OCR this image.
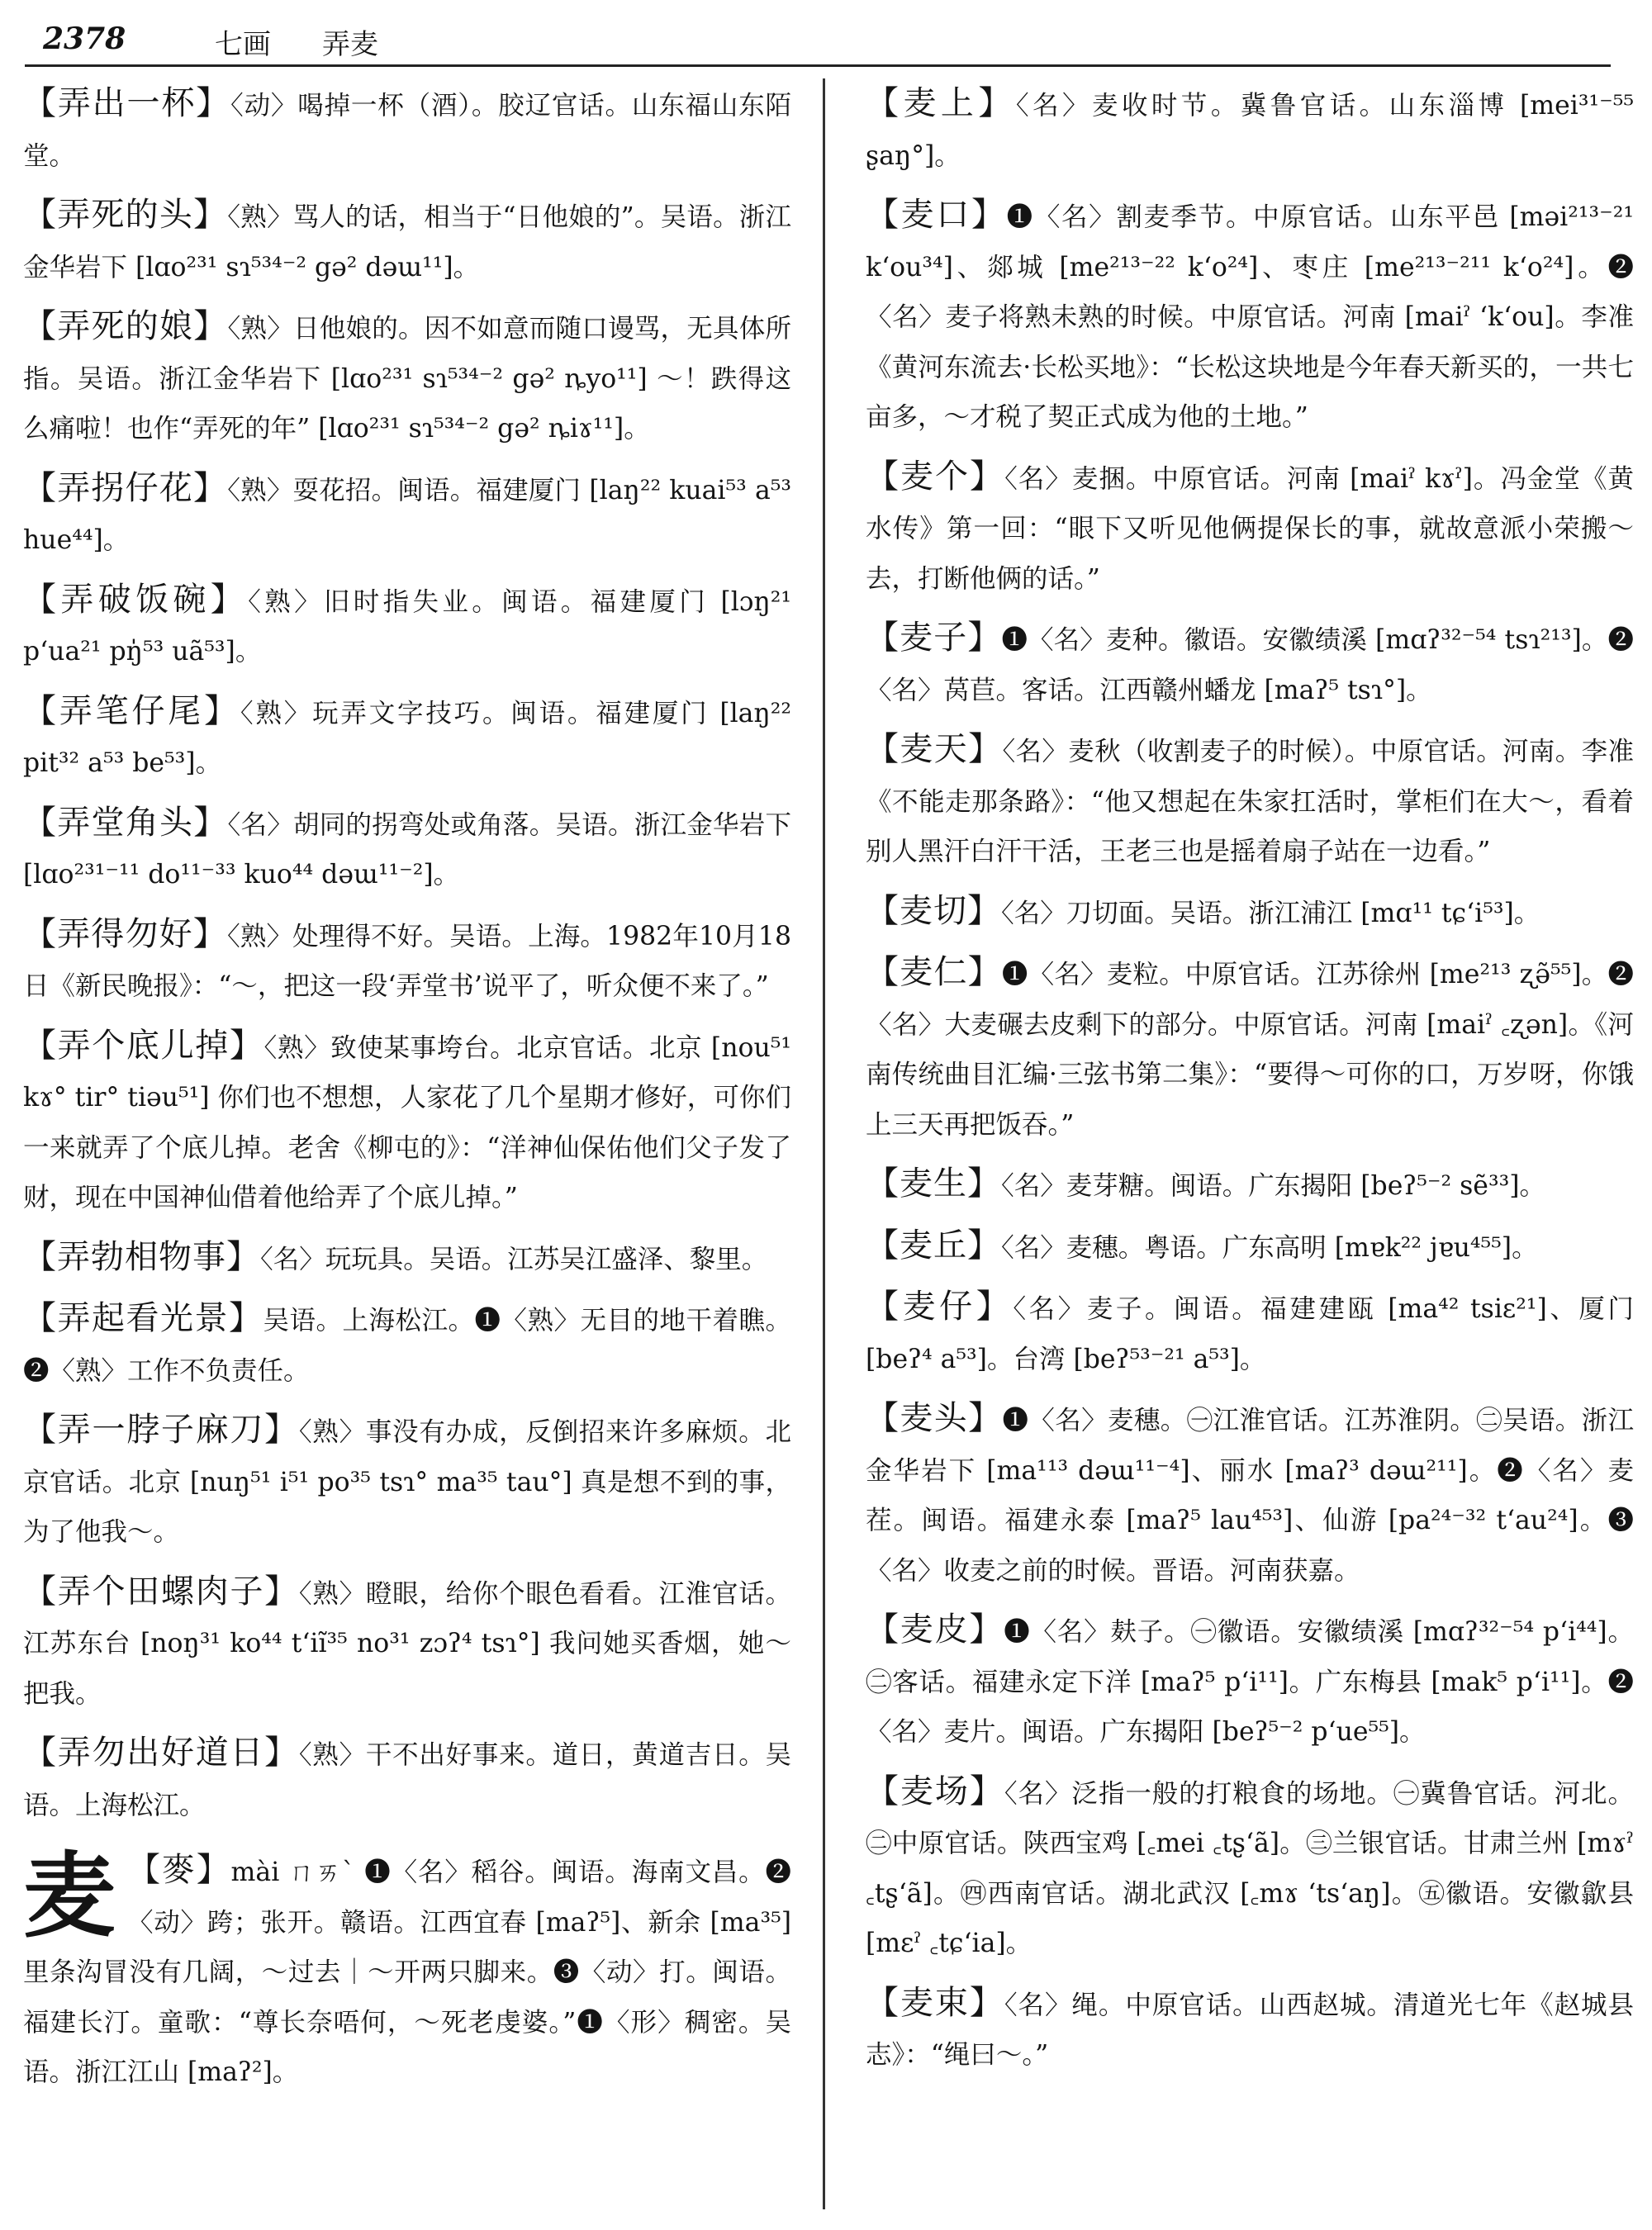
2378	七画 弄麦

【弄出一杯】〈动〉喝掉一杯（酒）。胶辽官话。山东福山东陌堂。

【弄死的头】〈熟〉骂人的话，相当于“日他娘的”。吴语。浙江金华岩下 [lɑo²³¹ sɿ⁵³⁴⁻² gə² dəɯ¹¹]。

【弄死的娘】〈熟〉日他娘的。因不如意而随口谩骂，无具体所指。吴语。浙江金华岩下 [lɑo²³¹ sɿ⁵³⁴⁻² gə² ȵyo¹¹] ～！跌得这么痛啦！也作“弄死的年” [lɑo²³¹ sɿ⁵³⁴⁻² gə² ȵiɤ¹¹]。

【弄拐仔花】〈熟〉耍花招。闽语。福建厦门 [laŋ²² kuai⁵³ a⁵³ hue⁴⁴]。

【弄破饭碗】〈熟〉旧时指失业。闽语。福建厦门 [lɔŋ²¹ pʻua²¹ pŋ̍⁵³ uã⁵³]。

【弄笔仔尾】〈熟〉玩弄文字技巧。闽语。福建厦门 [laŋ²² pit³² a⁵³ be⁵³]。

【弄堂角头】〈名〉胡同的拐弯处或角落。吴语。浙江金华岩下 [lɑo²³¹⁻¹¹ do¹¹⁻³³ kuo⁴⁴ dəɯ¹¹⁻²]。

【弄得勿好】〈熟〉处理得不好。吴语。上海。1982年10月18日《新民晚报》：“～，把这一段‘弄堂书’说平了，听众便不来了。”

【弄个底儿掉】〈熟〉致使某事垮台。北京官话。北京 [nou⁵¹ kɤ° tir° tiəu⁵¹] 你们也不想想，人家花了几个星期才修好，可你们一来就弄了个底儿掉。老舍《柳屯的》：“洋神仙保佑他们父子发了财，现在中国神仙借着他给弄了个底儿掉。”

【弄勃相物事】〈名〉玩玩具。吴语。江苏吴江盛泽、黎里。

【弄起看光景】吴语。上海松江。❶〈熟〉无目的地干着瞧。❷〈熟〉工作不负责任。

【弄一脖子麻刀】〈熟〉事没有办成，反倒招来许多麻烦。北京官话。北京 [nuŋ⁵¹ i⁵¹ po³⁵ tsɿ° ma³⁵ tau°] 真是想不到的事，为了他我～。

【弄个田螺肉子】〈熟〉瞪眼，给你个眼色看看。江淮官话。江苏东台 [noŋ³¹ ko⁴⁴ tʻiĩ³⁵ no³¹ zɔʔ⁴ tsɿ°] 我问她买香烟，她～把我。

【弄勿出好道日】〈熟〉干不出好事来。道日，黄道吉日。吴语。上海松江。

麦 【麥】mài ㄇㄞˋ ❶〈名〉稻谷。闽语。海南文昌。❷〈动〉跨；张开。赣语。江西宜春 [maʔ⁵]、新余 [ma³⁵] 里条沟冒没有几阔，～过去｜～开两只脚来。❸〈动〉打。闽语。福建长汀。童歌：“尊长奈唔何，～死老虔婆。”❶〈形〉稠密。吴语。浙江江山 [maʔ²]。

【麦上】〈名〉麦收时节。冀鲁官话。山东淄博 [mei³¹⁻⁵⁵ ʂaŋ°]。

【麦口】❶〈名〉割麦季节。中原官话。山东平邑 [məi²¹³⁻²¹ kʻou³⁴]、郯城 [me²¹³⁻²² kʻo²⁴]、枣庄 [me²¹³⁻²¹¹ kʻo²⁴]。❷〈名〉麦子将熟未熟的时候。中原官话。河南 [maiˀ ʻkʻou]。李准《黄河东流去·长松买地》：“长松这块地是今年春天新买的，一共七亩多，～才税了契正式成为他的土地。”

【麦个】〈名〉麦捆。中原官话。河南 [maiˀ kɤˀ]。冯金堂《黄水传》第一回：“眼下又听见他俩提保长的事，就故意派小荣搬～去，打断他俩的话。”

【麦子】❶〈名〉麦种。徽语。安徽绩溪 [mɑʔ³²⁻⁵⁴ tsɿ²¹³]。❷〈名〉莴苣。客话。江西赣州蟠龙 [maʔ⁵ tsɿ°]。

【麦天】〈名〉麦秋（收割麦子的时候）。中原官话。河南。李准《不能走那条路》：“他又想起在朱家扛活时，掌柜们在大～，看着别人黑汗白汗干活，王老三也是摇着扇子站在一边看。”

【麦切】〈名〉刀切面。吴语。浙江浦江 [mɑ¹¹ tɕʻi⁵³]。

【麦仁】❶〈名〉麦粒。中原官话。江苏徐州 [me²¹³ ʐə̃⁵⁵]。❷〈名〉大麦碾去皮剩下的部分。中原官话。河南 [maiˀ ꜀ʐən]。《河南传统曲目汇编·三弦书第二集》：“要得～可你的口，万岁呀，你饿上三天再把饭吞。”

【麦生】〈名〉麦芽糖。闽语。广东揭阳 [beʔ⁵⁻² sẽ³³]。

【麦丘】〈名〉麦穗。粤语。广东高明 [mɐk²² jɐu⁴⁵⁵]。

【麦仔】〈名〉麦子。闽语。福建建瓯 [ma⁴² tsiɛ²¹]、厦门 [beʔ⁴ a⁵³]。台湾 [beʔ⁵³⁻²¹ a⁵³]。

【麦头】❶〈名〉麦穗。㊀江淮官话。江苏淮阴。㊁吴语。浙江金华岩下 [ma¹¹³ dəɯ¹¹⁻⁴]、丽水 [maʔ³ dəɯ²¹¹]。❷〈名〉麦茬。闽语。福建永泰 [maʔ⁵ lau⁴⁵³]、仙游 [pa²⁴⁻³² tʻau²⁴]。❸〈名〉收麦之前的时候。晋语。河南获嘉。

【麦皮】❶〈名〉麸子。㊀徽语。安徽绩溪 [mɑʔ³²⁻⁵⁴ pʻi⁴⁴]。㊁客话。福建永定下洋 [maʔ⁵ pʻi¹¹]。广东梅县 [mak⁵ pʻi¹¹]。❷〈名〉麦片。闽语。广东揭阳 [beʔ⁵⁻² pʻue⁵⁵]。

【麦场】〈名〉泛指一般的打粮食的场地。㊀冀鲁官话。河北。㊁中原官话。陕西宝鸡 [꜀mei ꜀tʂʻã]。㊂兰银官话。甘肃兰州 [mɤˀ ꜀tʂʻã]。㊃西南官话。湖北武汉 [꜀mɤ ʻtsʻaŋ]。㊄徽语。安徽歙县 [mɛˀ ꜀tɕʻia]。

【麦束】〈名〉绳。中原官话。山西赵城。清道光七年《赵城县志》：“绳曰～。”
